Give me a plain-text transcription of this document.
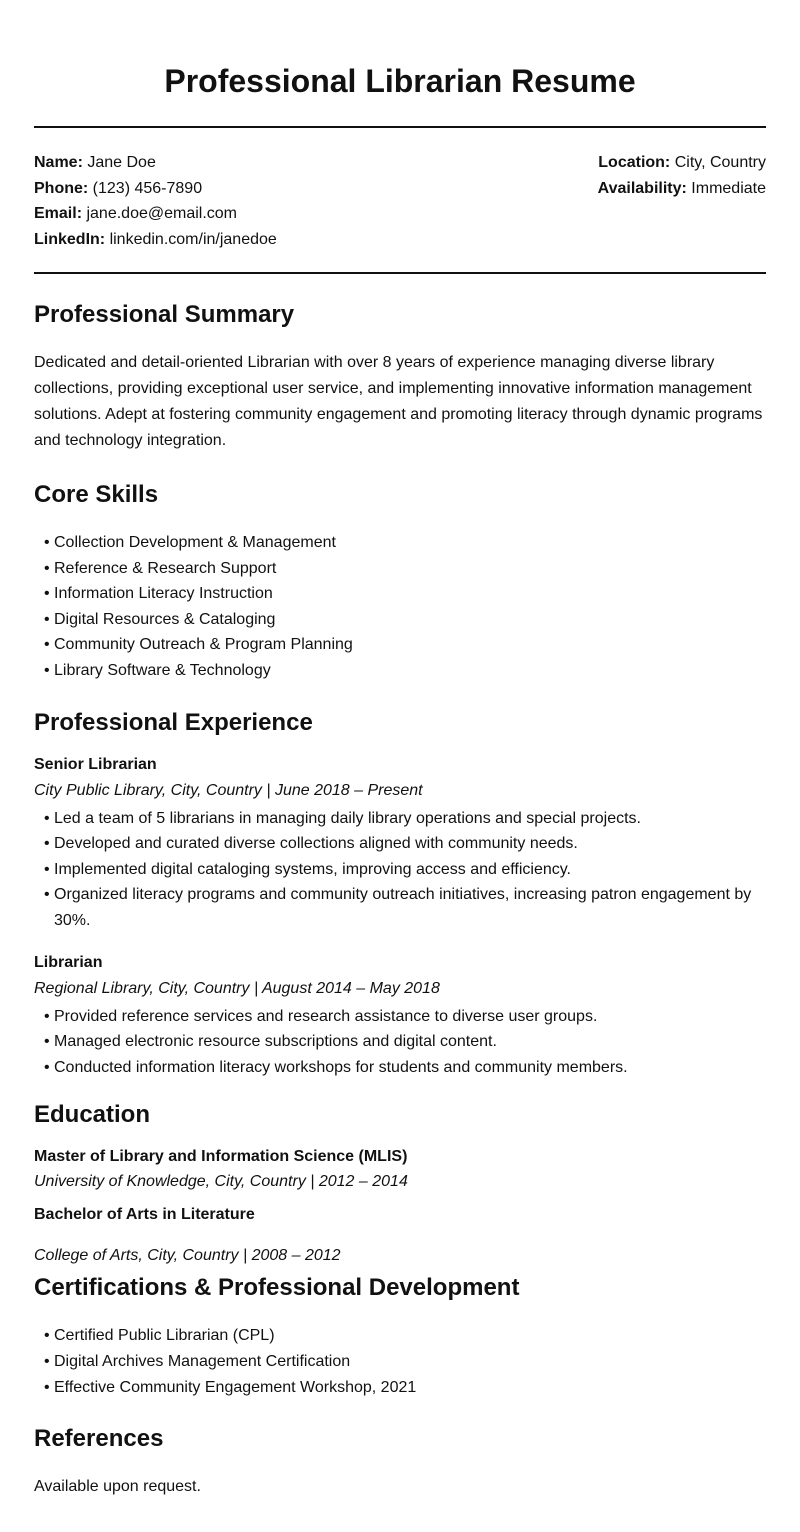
Professional Librarian Resume
Name: Jane Doe
Phone: (123) 456-7890
Email: jane.doe@email.com
LinkedIn: linkedin.com/in/janedoe
Location: City, Country
Availability: Immediate
Professional Summary

Dedicated and detail-oriented Librarian with over 8 years of experience managing diverse library collections, providing exceptional user service, and implementing innovative information management solutions. Adept at fostering community engagement and promoting literacy through dynamic programs and technology integration.

Core Skills
• Collection Development & Management
• Reference & Research Support
• Information Literacy Instruction
• Digital Resources & Cataloging
• Community Outreach & Program Planning
• Library Software & Technology
Professional Experience

Senior Librarian

City Public Library, City, Country | June 2018 – Present

• Led a team of 5 librarians in managing daily library operations and special projects.
• Developed and curated diverse collections aligned with community needs.
• Implemented digital cataloging systems, improving access and efficiency.
• Organized literacy programs and community outreach initiatives, increasing patron engagement by 30%.

Librarian

Regional Library, City, Country | August 2014 – May 2018

• Provided reference services and research assistance to diverse user groups.
• Managed electronic resource subscriptions and digital content.
• Conducted information literacy workshops for students and community members.
Education

Master of Library and Information Science (MLIS)

University of Knowledge, City, Country | 2012 – 2014

Bachelor of Arts in Literature

College of Arts, City, Country | 2008 – 2012

Certifications & Professional Development
• Certified Public Librarian (CPL)
• Digital Archives Management Certification
• Effective Community Engagement Workshop, 2021
References

Available upon request.
